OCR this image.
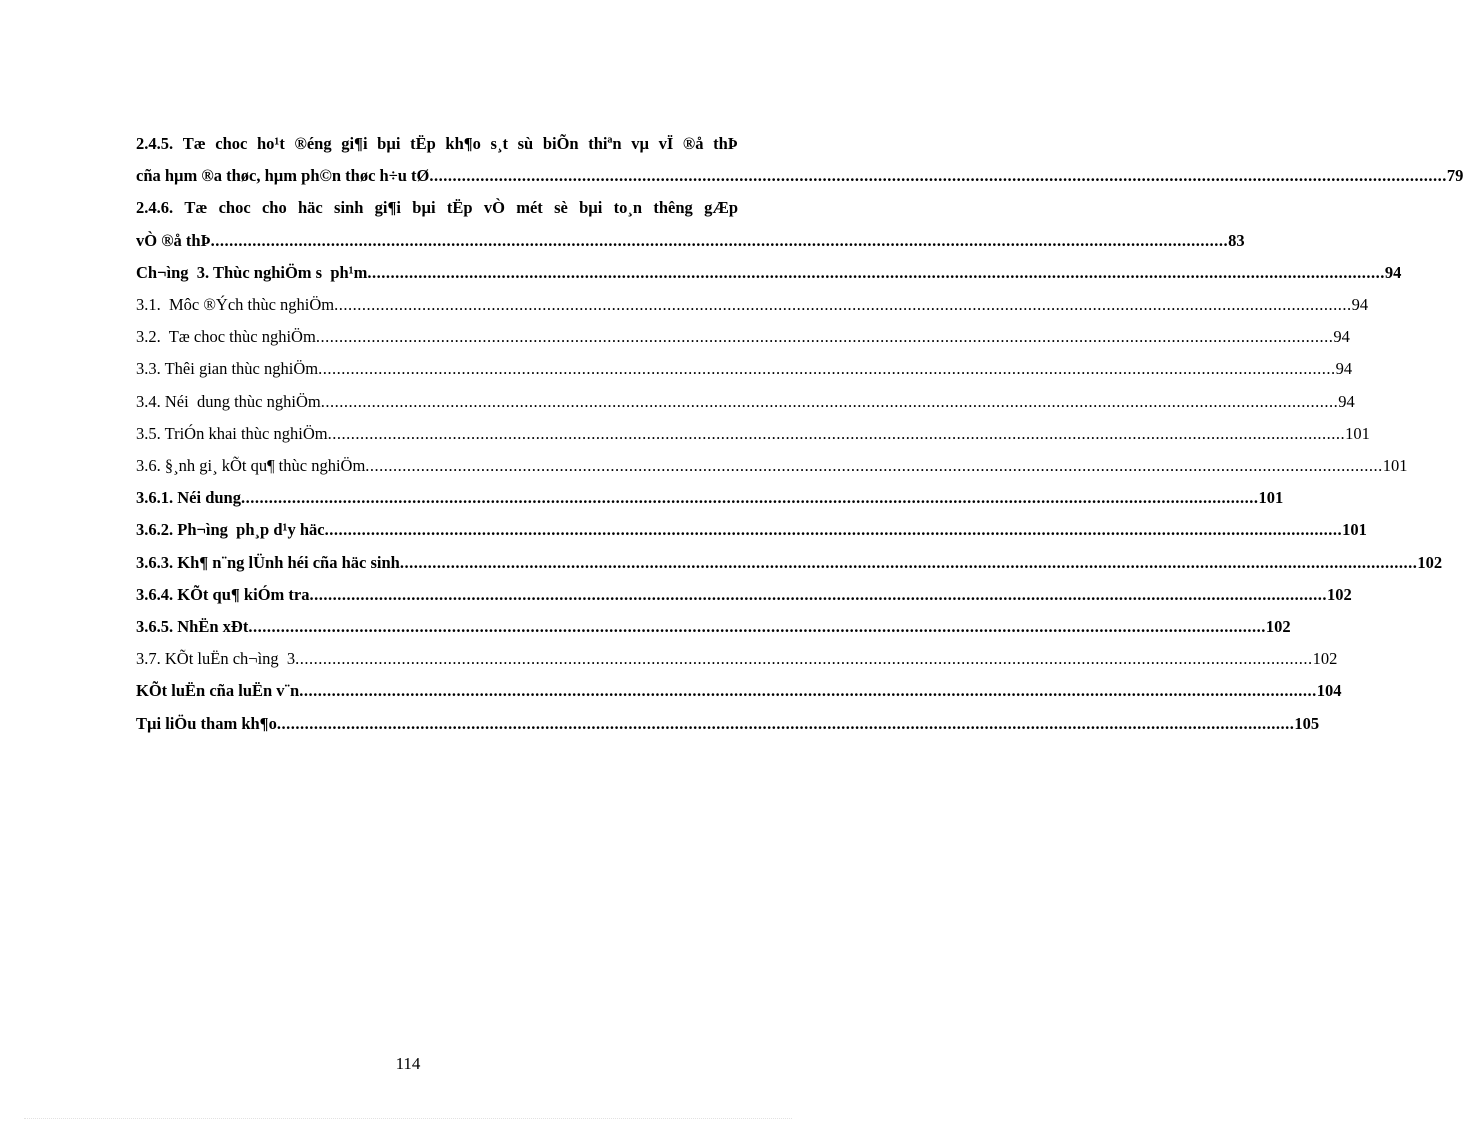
2.4.5. Tæ choc ho¹t ®éng gi¶i bµi tËp kh¶o s¸t sù biÕn thiªn vµ vÏ ®å thÞ
cña hµm ®a thøc, hµm ph©n thøc h÷u tØ ............................................................................................................................................................................................................................ 79
2.4.6. Tæ choc cho häc sinh gi¶i bµi tËp vÒ mét sè bµi to¸n thêng gÆp
vÒ ®å thÞ ............................................................................................................................................................................................................................ 83
Ch¬ìng  3. Thùc nghiÖm s  ph¹m ............................................................................................................................................................................................................................ 94
3.1.  Môc ®Ých thùc nghiÖm ............................................................................................................................................................................................................................ 94
3.2.  Tæ choc thùc nghiÖm ............................................................................................................................................................................................................................ 94
3.3. Thêi gian thùc nghiÖm ............................................................................................................................................................................................................................ 94
3.4. Néi  dung thùc nghiÖm ............................................................................................................................................................................................................................ 94
3.5. TriÓn khai thùc nghiÖm ............................................................................................................................................................................................................................ 101
3.6. §¸nh gi¸ kÕt qu¶ thùc nghiÖm ............................................................................................................................................................................................................................ 101
3.6.1. Néi dung ............................................................................................................................................................................................................................ 101
3.6.2. Ph¬ìng  ph¸p d¹y häc ............................................................................................................................................................................................................................ 101
3.6.3. Kh¶ n¨ng lÜnh héi cña häc sinh ............................................................................................................................................................................................................................ 102
3.6.4. KÕt qu¶ kiÓm tra ............................................................................................................................................................................................................................ 102
3.6.5. NhËn xÐt ............................................................................................................................................................................................................................ 102
3.7. KÕt luËn ch¬ìng  3 ............................................................................................................................................................................................................................ 102
KÕt luËn cña luËn v¨n ............................................................................................................................................................................................................................ 104
Tµi liÖu tham kh¶o ............................................................................................................................................................................................................................ 105
114
